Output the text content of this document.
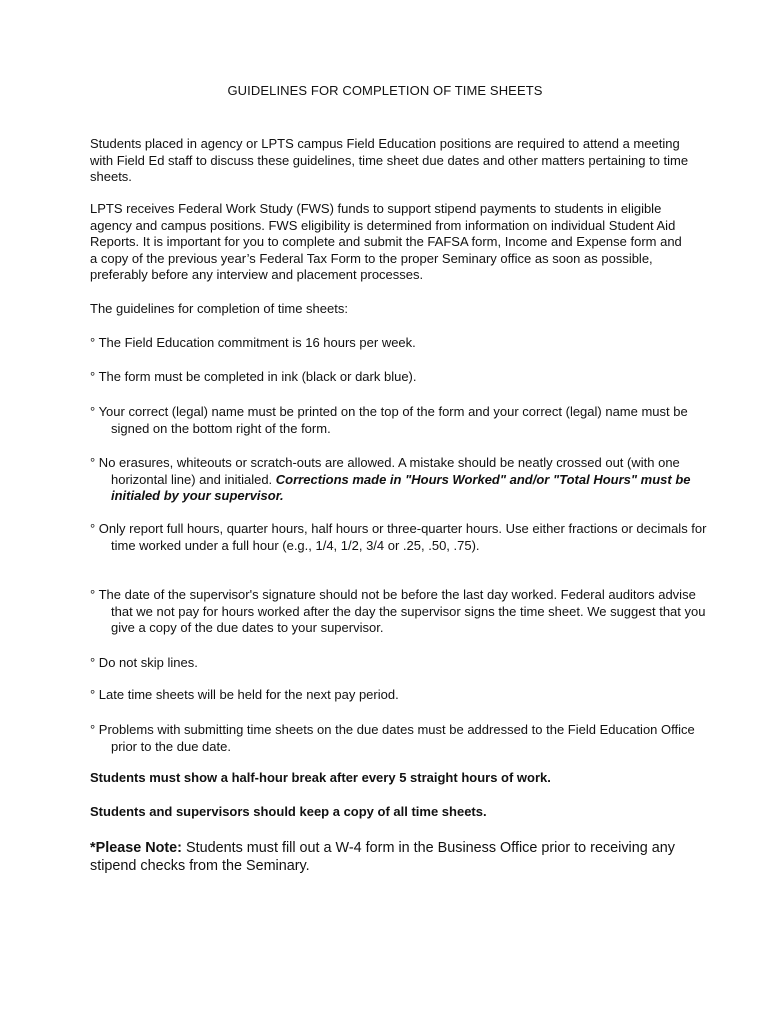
GUIDELINES FOR COMPLETION OF TIME SHEETS

Students placed in agency or LPTS campus Field Education positions are required to attend a meeting with Field Ed staff to discuss these guidelines, time sheet due dates and other matters pertaining to time sheets.

LPTS receives Federal Work Study (FWS) funds to support stipend payments to students in eligible agency and campus positions. FWS eligibility is determined from information on individual Student Aid Reports. It is important for you to complete and submit the FAFSA form, Income and Expense form and a copy of the previous year’s Federal Tax Form to the proper Seminary office as soon as possible, preferably before any interview and placement processes.

The guidelines for completion of time sheets:

° The Field Education commitment is 16 hours per week.

° The form must be completed in ink (black or dark blue).

° Your correct (legal) name must be printed on the top of the form and your correct (legal) name must be signed on the bottom right of the form.

° No erasures, whiteouts or scratch-outs are allowed. A mistake should be neatly crossed out (with one horizontal line) and initialed. Corrections made in "Hours Worked" and/or "Total Hours" must be initialed by your supervisor.

° Only report full hours, quarter hours, half hours or three-quarter hours. Use either fractions or decimals for time worked under a full hour (e.g., 1/4, 1/2, 3/4 or .25, .50, .75).

° The date of the supervisor's signature should not be before the last day worked. Federal auditors advise that we not pay for hours worked after the day the supervisor signs the time sheet. We suggest that you give a copy of the due dates to your supervisor.

° Do not skip lines.

° Late time sheets will be held for the next pay period.

° Problems with submitting time sheets on the due dates must be addressed to the Field Education Office prior to the due date.

Students must show a half-hour break after every 5 straight hours of work.

Students and supervisors should keep a copy of all time sheets.

*Please Note: Students must fill out a W-4 form in the Business Office prior to receiving any stipend checks from the Seminary.
